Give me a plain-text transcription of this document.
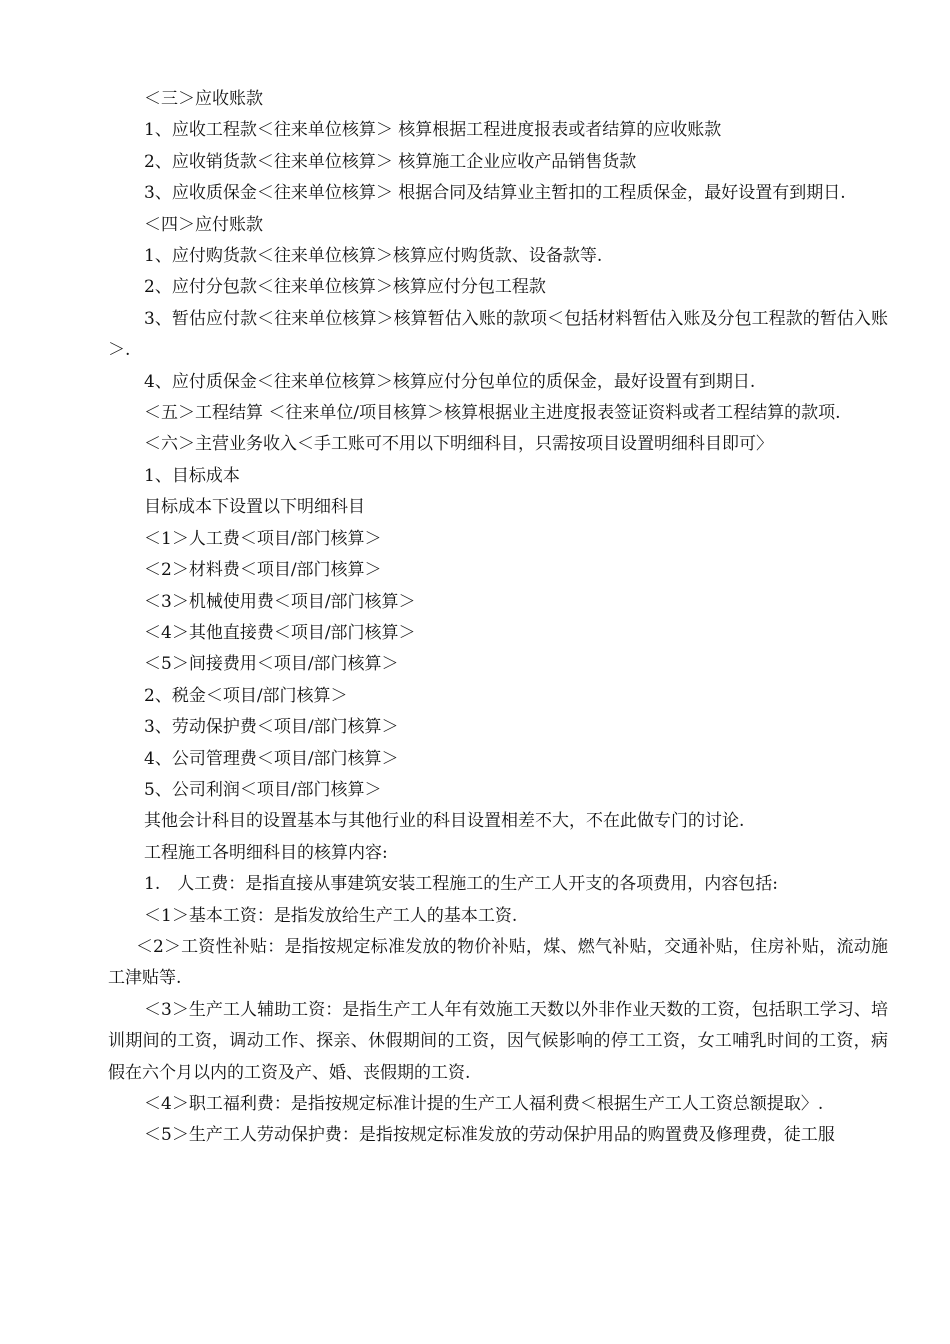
＜三＞应收账款

1、应收工程款＜往来单位核算＞ 核算根据工程进度报表或者结算的应收账款

2、应收销货款＜往来单位核算＞ 核算施工企业应收产品销售货款

3、应收质保金＜往来单位核算＞ 根据合同及结算业主暂扣的工程质保金，最好设置有到期日.

＜四＞应付账款

1、应付购货款＜往来单位核算＞核算应付购货款、设备款等.

2、应付分包款＜往来单位核算＞核算应付分包工程款

3、暂估应付款＜往来单位核算＞核算暂估入账的款项＜包括材料暂估入账及分包工程款的暂估入账＞.

4、应付质保金＜往来单位核算＞核算应付分包单位的质保金，最好设置有到期日.

＜五＞工程结算 ＜往来单位/项目核算＞核算根据业主进度报表签证资料或者工程结算的款项.

＜六＞主营业务收入＜手工账可不用以下明细科目，只需按项目设置明细科目即可〉

1、目标成本

目标成本下设置以下明细科目

＜1＞人工费＜项目/部门核算＞

＜2＞材料费＜项目/部门核算＞

＜3＞机械使用费＜项目/部门核算＞

＜4＞其他直接费＜项目/部门核算＞

＜5＞间接费用＜项目/部门核算＞

2、税金＜项目/部门核算＞

3、劳动保护费＜项目/部门核算＞

4、公司管理费＜项目/部门核算＞

5、公司利润＜项目/部门核算＞

其他会计科目的设置基本与其他行业的科目设置相差不大，不在此做专门的讨论.

工程施工各明细科目的核算内容:

1.　人工费：是指直接从事建筑安装工程施工的生产工人开支的各项费用，内容包括:

＜1＞基本工资：是指发放给生产工人的基本工资.

＜2＞工资性补贴：是指按规定标准发放的物价补贴，煤、燃气补贴，交通补贴，住房补贴，流动施工津贴等.

＜3＞生产工人辅助工资：是指生产工人年有效施工天数以外非作业天数的工资，包括职工学习、培训期间的工资，调动工作、探亲、休假期间的工资，因气候影响的停工工资，女工哺乳时间的工资，病假在六个月以内的工资及产、婚、丧假期的工资.

＜4＞职工福利费：是指按规定标准计提的生产工人福利费＜根据生产工人工资总额提取〉.

＜5＞生产工人劳动保护费：是指按规定标准发放的劳动保护用品的购置费及修理费，徒工服
